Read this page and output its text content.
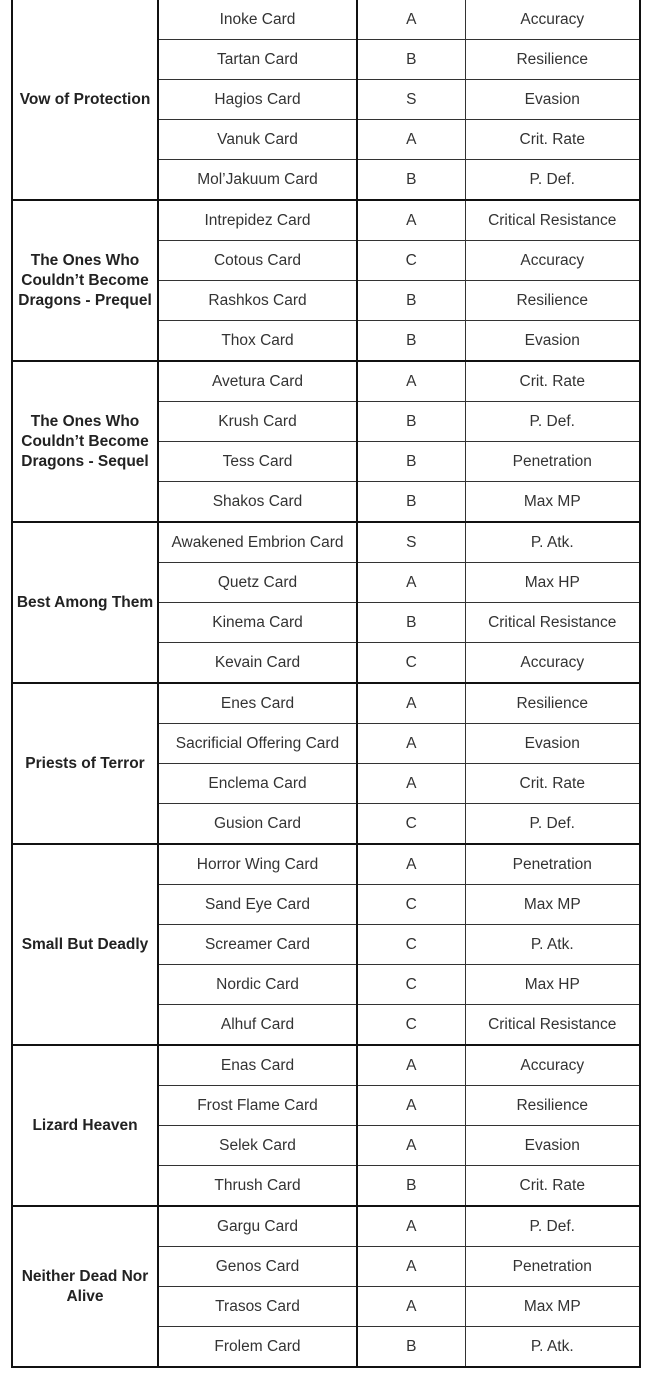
Vow of Protection	Inoke Card	A	Accuracy
	Tartan Card	B	Resilience
	Hagios Card	S	Evasion
	Vanuk Card	A	Crit. Rate
	Mol’Jakuum Card	B	P. Def.
The Ones Who Couldn’t Become Dragons - Prequel	Intrepidez Card	A	Critical Resistance
	Cotous Card	C	Accuracy
	Rashkos Card	B	Resilience
	Thox Card	B	Evasion
The Ones Who Couldn’t Become Dragons - Sequel	Avetura Card	A	Crit. Rate
	Krush Card	B	P. Def.
	Tess Card	B	Penetration
	Shakos Card	B	Max MP
Best Among Them	Awakened Embrion Card	S	P. Atk.
	Quetz Card	A	Max HP
	Kinema Card	B	Critical Resistance
	Kevain Card	C	Accuracy
Priests of Terror	Enes Card	A	Resilience
	Sacrificial Offering Card	A	Evasion
	Enclema Card	A	Crit. Rate
	Gusion Card	C	P. Def.
Small But Deadly	Horror Wing Card	A	Penetration
	Sand Eye Card	C	Max MP
	Screamer Card	C	P. Atk.
	Nordic Card	C	Max HP
	Alhuf Card	C	Critical Resistance
Lizard Heaven	Enas Card	A	Accuracy
	Frost Flame Card	A	Resilience
	Selek Card	A	Evasion
	Thrush Card	B	Crit. Rate
Neither Dead Nor Alive	Gargu Card	A	P. Def.
	Genos Card	A	Penetration
	Trasos Card	A	Max MP
	Frolem Card	B	P. Atk.
